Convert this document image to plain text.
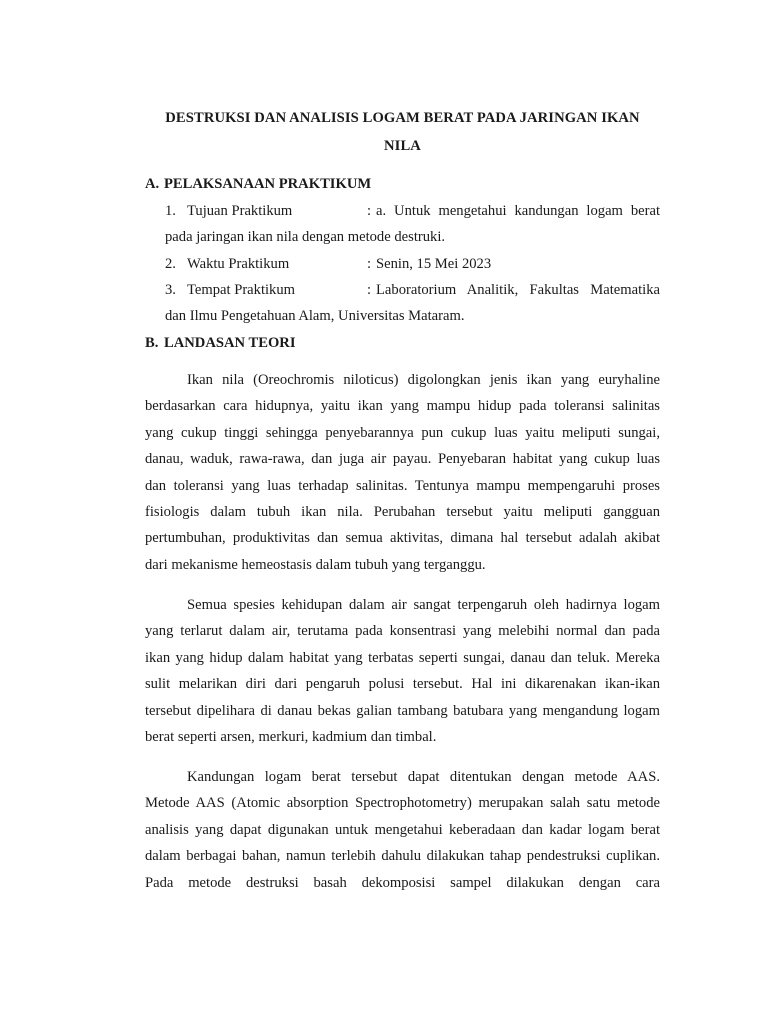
DESTRUKSI DAN ANALISIS LOGAM BERAT PADA JARINGAN IKAN
NILA
A. PELAKSANAAN PRAKTIKUM
1. Tujuan Praktikum	: a. Untuk mengetahui kandungan logam berat
pada jaringan ikan nila dengan metode destruki.
2. Waktu Praktikum	: Senin, 15 Mei 2023
3. Tempat Praktikum	: Laboratorium Analitik, Fakultas Matematika
dan Ilmu Pengetahuan Alam, Universitas Mataram.
B. LANDASAN TEORI
Ikan nila (Oreochromis niloticus) digolongkan jenis ikan yang euryhaline
berdasarkan cara hidupnya, yaitu ikan yang mampu hidup pada toleransi salinitas
yang cukup tinggi sehingga penyebarannya pun cukup luas yaitu meliputi sungai,
danau, waduk, rawa-rawa, dan juga air payau. Penyebaran habitat yang cukup luas
dan toleransi yang luas terhadap salinitas. Tentunya mampu mempengaruhi proses
fisiologis dalam tubuh ikan nila. Perubahan tersebut yaitu meliputi gangguan
pertumbuhan, produktivitas dan semua aktivitas, dimana hal tersebut adalah akibat
dari mekanisme hemeostasis dalam tubuh yang terganggu.
Semua spesies kehidupan dalam air sangat terpengaruh oleh hadirnya logam
yang terlarut dalam air, terutama pada konsentrasi yang melebihi normal dan pada
ikan yang hidup dalam habitat yang terbatas seperti sungai, danau dan teluk. Mereka
sulit melarikan diri dari pengaruh polusi tersebut. Hal ini dikarenakan ikan-ikan
tersebut dipelihara di danau bekas galian tambang batubara yang mengandung logam
berat seperti arsen, merkuri, kadmium dan timbal.
Kandungan logam berat tersebut dapat ditentukan dengan metode AAS.
Metode AAS (Atomic absorption Spectrophotometry) merupakan salah satu metode
analisis yang dapat digunakan untuk mengetahui keberadaan dan kadar logam berat
dalam berbagai bahan, namun terlebih dahulu dilakukan tahap pendestruksi cuplikan.
Pada metode destruksi basah dekomposisi sampel dilakukan dengan cara
